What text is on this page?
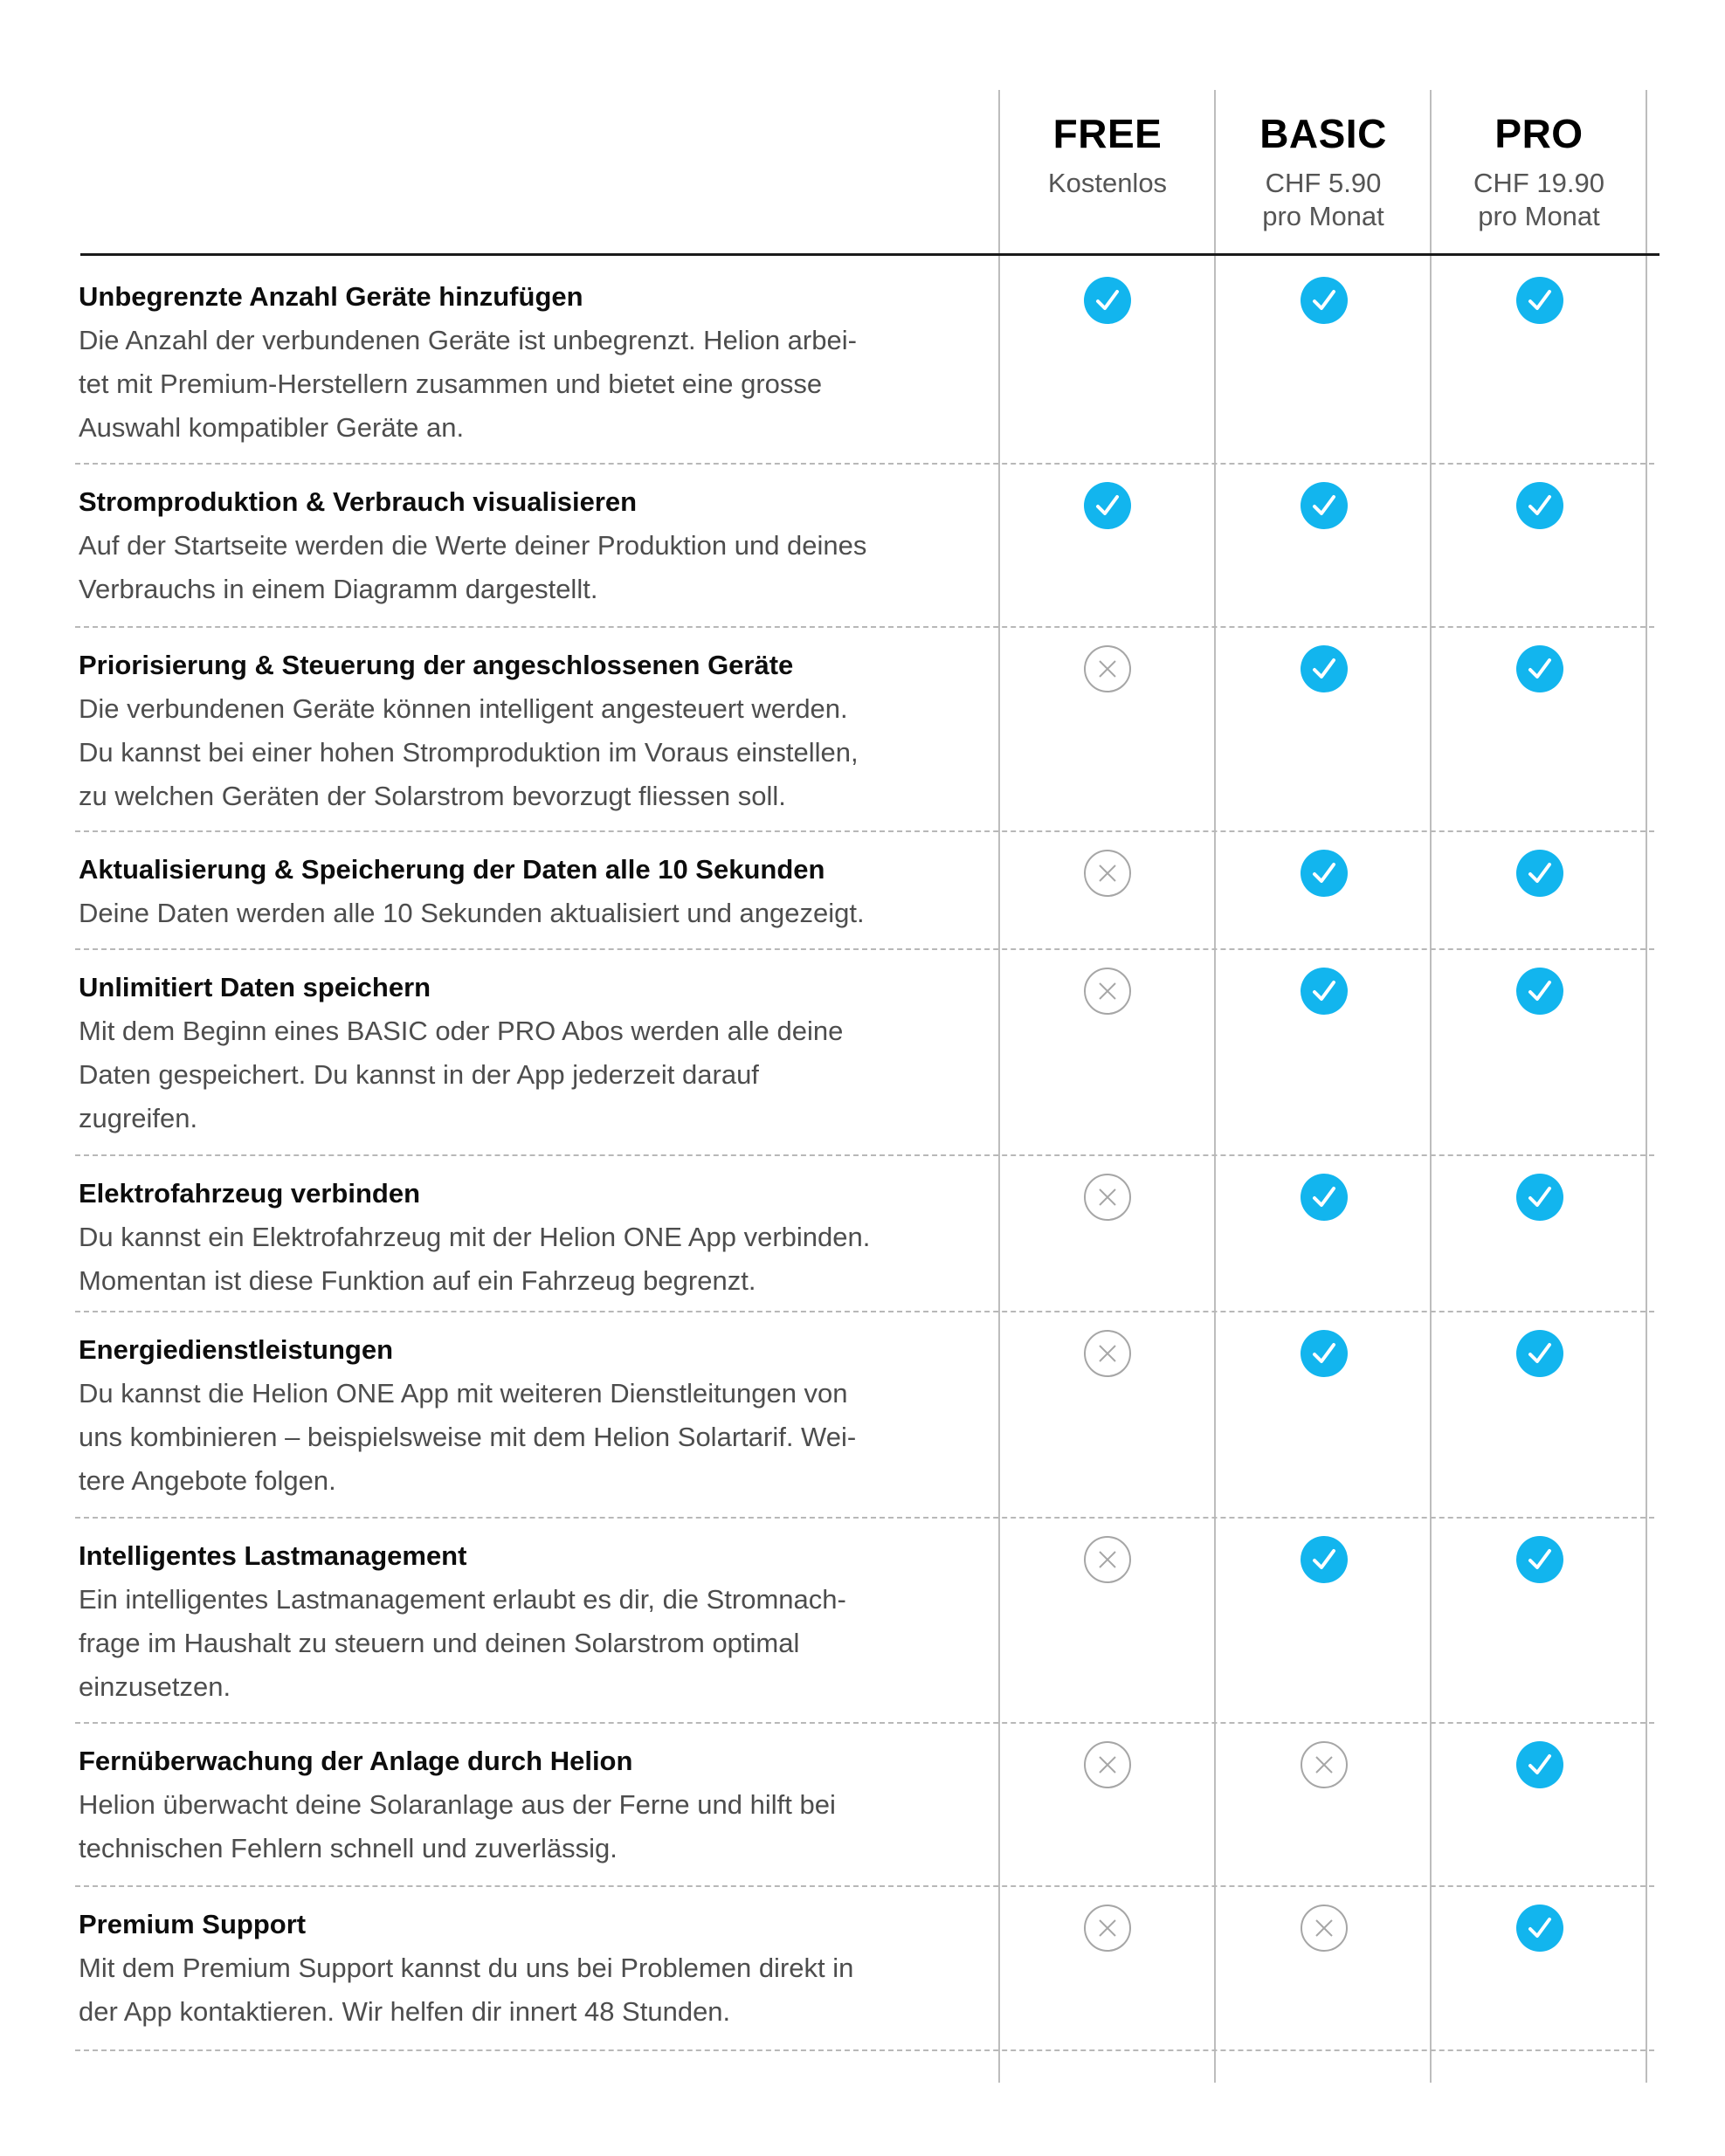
FREE
Kostenlos
BASIC
CHF 5.90
pro Monat
PRO
CHF 19.90
pro Monat
Unbegrenzte Anzahl Geräte hinzufügen
Die Anzahl der verbundenen Geräte ist unbegrenzt. Helion arbei-
tet mit Premium-Herstellern zusammen und bietet eine grosse
Auswahl kompatibler Geräte an.
Stromproduktion & Verbrauch visualisieren
Auf der Startseite werden die Werte deiner Produktion und deines
Verbrauchs in einem Diagramm dargestellt.
Priorisierung & Steuerung der angeschlossenen Geräte
Die verbundenen Geräte können intelligent angesteuert werden.
Du kannst bei einer hohen Stromproduktion im Voraus einstellen,
zu welchen Geräten der Solarstrom bevorzugt fliessen soll.
Aktualisierung & Speicherung der Daten alle 10 Sekunden
Deine Daten werden alle 10 Sekunden aktualisiert und angezeigt.
Unlimitiert Daten speichern
Mit dem Beginn eines BASIC oder PRO Abos werden alle deine
Daten gespeichert. Du kannst in der App jederzeit darauf
zugreifen.
Elektrofahrzeug verbinden
Du kannst ein Elektrofahrzeug mit der Helion ONE App verbinden.
Momentan ist diese Funktion auf ein Fahrzeug begrenzt.
Energiedienstleistungen
Du kannst die Helion ONE App mit weiteren Dienstleitungen von
uns kombinieren – beispielsweise mit dem Helion Solartarif. Wei-
tere Angebote folgen.
Intelligentes Lastmanagement
Ein intelligentes Lastmanagement erlaubt es dir, die Stromnach-
frage im Haushalt zu steuern und deinen Solarstrom optimal
einzusetzen.
Fernüberwachung der Anlage durch Helion
Helion überwacht deine Solaranlage aus der Ferne und hilft bei
technischen Fehlern schnell und zuverlässig.
Premium Support
Mit dem Premium Support kannst du uns bei Problemen direkt in
der App kontaktieren. Wir helfen dir innert 48 Stunden.
